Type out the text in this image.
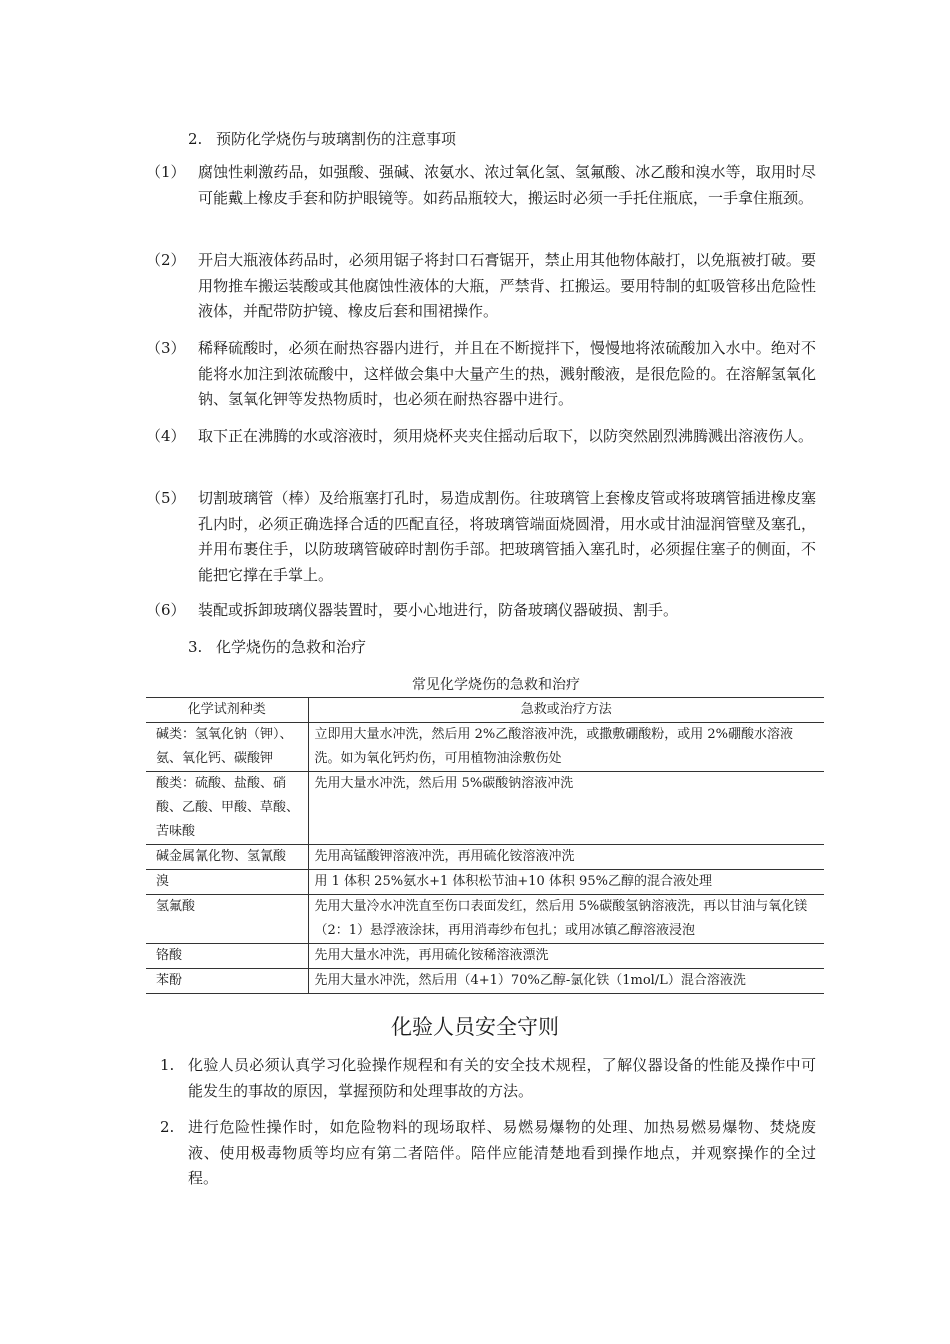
2. 预防化学烧伤与玻璃割伤的注意事项
（1） 腐蚀性刺激药品，如强酸、强碱、浓氨水、浓过氧化氢、氢氟酸、冰乙酸和溴水等，取用时尽可能戴上橡皮手套和防护眼镜等。如药品瓶较大，搬运时必须一手托住瓶底，一手拿住瓶颈。
（2） 开启大瓶液体药品时，必须用锯子将封口石膏锯开，禁止用其他物体敲打，以免瓶被打破。要用物推车搬运装酸或其他腐蚀性液体的大瓶，严禁背、扛搬运。要用特制的虹吸管移出危险性液体，并配带防护镜、橡皮后套和围裙操作。
（3） 稀释硫酸时，必须在耐热容器内进行，并且在不断搅拌下，慢慢地将浓硫酸加入水中。绝对不能将水加注到浓硫酸中，这样做会集中大量产生的热，溅射酸液，是很危险的。在溶解氢氧化钠、氢氧化钾等发热物质时，也必须在耐热容器中进行。
（4） 取下正在沸腾的水或溶液时，须用烧杯夹夹住摇动后取下，以防突然剧烈沸腾溅出溶液伤人。
（5） 切割玻璃管（棒）及给瓶塞打孔时，易造成割伤。往玻璃管上套橡皮管或将玻璃管插进橡皮塞孔内时，必须正确选择合适的匹配直径，将玻璃管端面烧圆滑，用水或甘油湿润管壁及塞孔，并用布裹住手，以防玻璃管破碎时割伤手部。把玻璃管插入塞孔时，必须握住塞子的侧面，不能把它撑在手掌上。
（6） 装配或拆卸玻璃仪器装置时，要小心地进行，防备玻璃仪器破损、割手。
3. 化学烧伤的急救和治疗
常见化学烧伤的急救和治疗
化学试剂种类	急救或治疗方法
碱类：氢氧化钠（钾）、氨、氧化钙、碳酸钾	立即用大量水冲洗，然后用 2%乙酸溶液冲洗，或撒敷硼酸粉，或用 2%硼酸水溶液洗。如为氧化钙灼伤，可用植物油涂敷伤处
酸类：硫酸、盐酸、硝酸、乙酸、甲酸、草酸、苦味酸	先用大量水冲洗，然后用 5%碳酸钠溶液冲洗
碱金属氰化物、氢氰酸	先用高锰酸钾溶液冲洗，再用硫化铵溶液冲洗
溴	用 1 体积 25%氨水+1 体积松节油+10 体积 95%乙醇的混合液处理
氢氟酸	先用大量冷水冲洗直至伤口表面发红，然后用 5%碳酸氢钠溶液洗，再以甘油与氧化镁（2：1）悬浮液涂抹，再用消毒纱布包扎；或用冰镇乙醇溶液浸泡
铬酸	先用大量水冲洗，再用硫化铵稀溶液漂洗
苯酚	先用大量水冲洗，然后用（4+1）70%乙醇-氯化铁（1mol/L）混合溶液洗
化验人员安全守则
1. 化验人员必须认真学习化验操作规程和有关的安全技术规程，了解仪器设备的性能及操作中可能发生的事故的原因，掌握预防和处理事故的方法。
2. 进行危险性操作时，如危险物料的现场取样、易燃易爆物的处理、加热易燃易爆物、焚烧废液、使用极毒物质等均应有第二者陪伴。陪伴应能清楚地看到操作地点，并观察操作的全过程。
